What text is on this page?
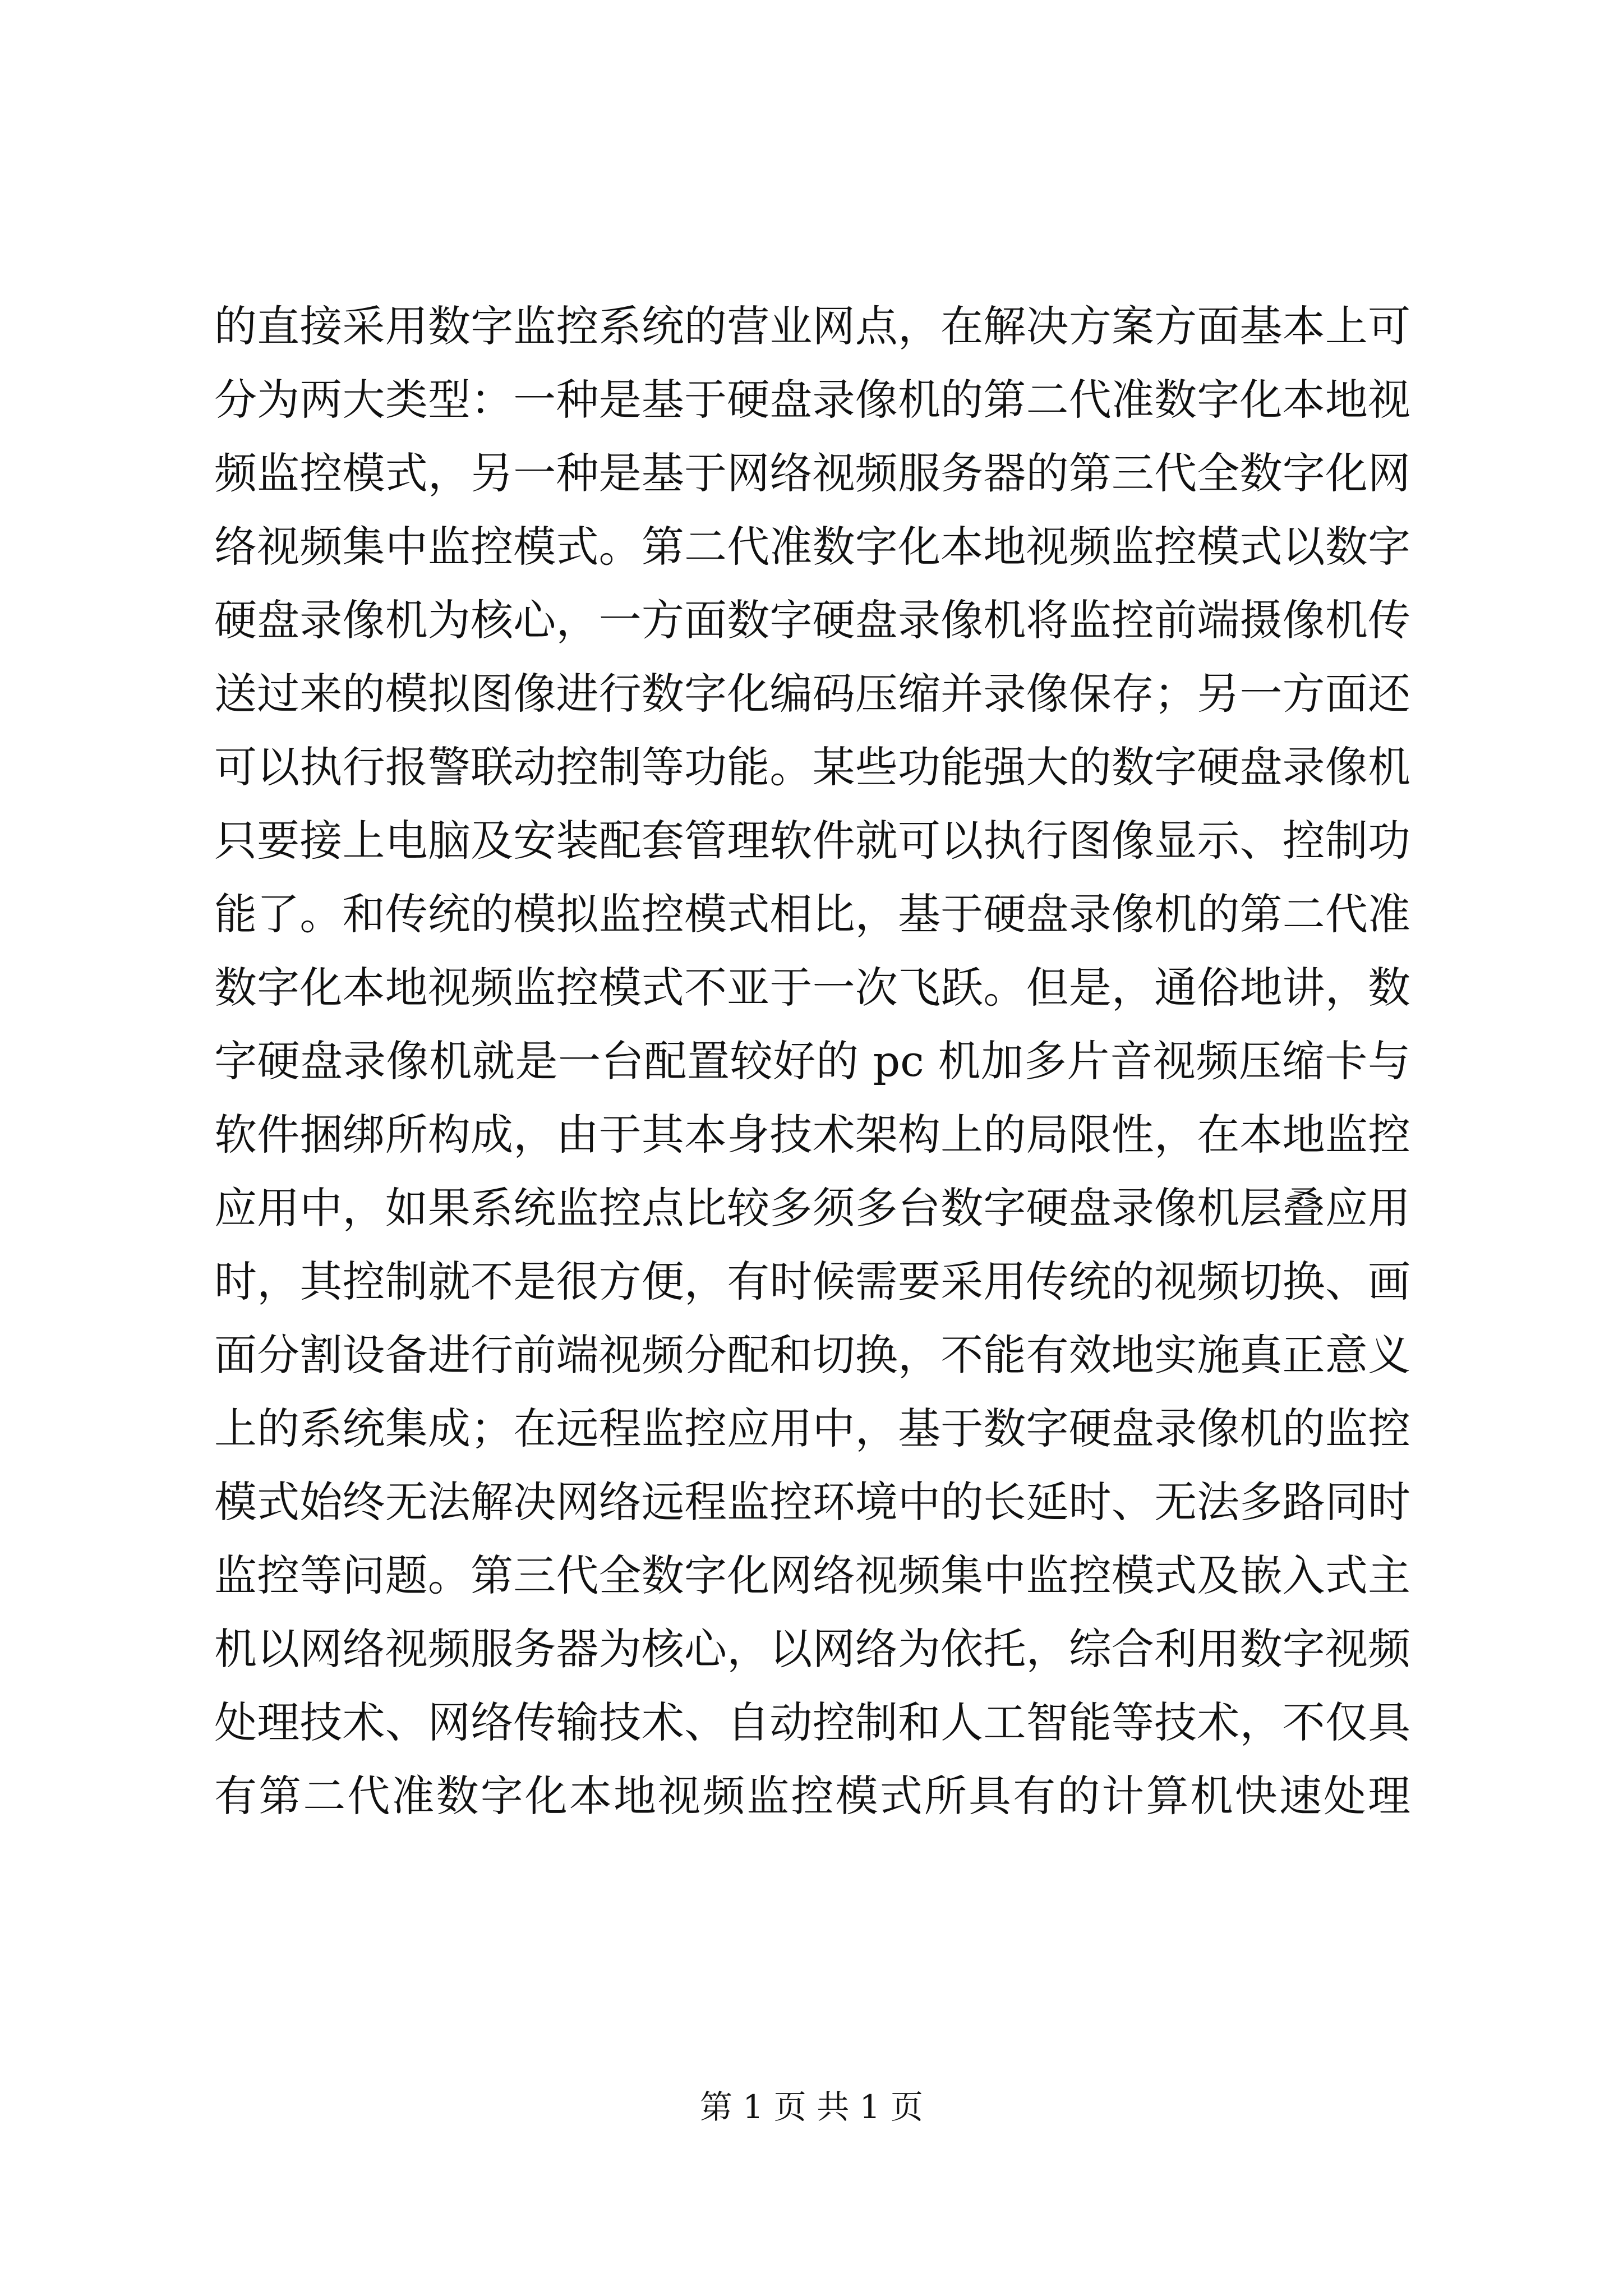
的直接采用数字监控系统的营业网点，在解决方案方面基本上可
分为两大类型：一种是基于硬盘录像机的第二代准数字化本地视
频监控模式，另一种是基于网络视频服务器的第三代全数字化网
络视频集中监控模式。第二代准数字化本地视频监控模式以数字
硬盘录像机为核心，一方面数字硬盘录像机将监控前端摄像机传
送过来的模拟图像进行数字化编码压缩并录像保存；另一方面还
可以执行报警联动控制等功能。某些功能强大的数字硬盘录像机
只要接上电脑及安装配套管理软件就可以执行图像显示、控制功
能了。和传统的模拟监控模式相比，基于硬盘录像机的第二代准
数字化本地视频监控模式不亚于一次飞跃。但是，通俗地讲，数
字硬盘录像机就是一台配置较好的 pc 机加多片音视频压缩卡与
软件捆绑所构成，由于其本身技术架构上的局限性，在本地监控
应用中，如果系统监控点比较多须多台数字硬盘录像机层叠应用
时，其控制就不是很方便，有时候需要采用传统的视频切换、画
面分割设备进行前端视频分配和切换，不能有效地实施真正意义
上的系统集成；在远程监控应用中，基于数字硬盘录像机的监控
模式始终无法解决网络远程监控环境中的长延时、无法多路同时
监控等问题。第三代全数字化网络视频集中监控模式及嵌入式主
机以网络视频服务器为核心，以网络为依托，综合利用数字视频
处理技术、网络传输技术、自动控制和人工智能等技术，不仅具
有第二代准数字化本地视频监控模式所具有的计算机快速处理
第 1 页 共 1 页
